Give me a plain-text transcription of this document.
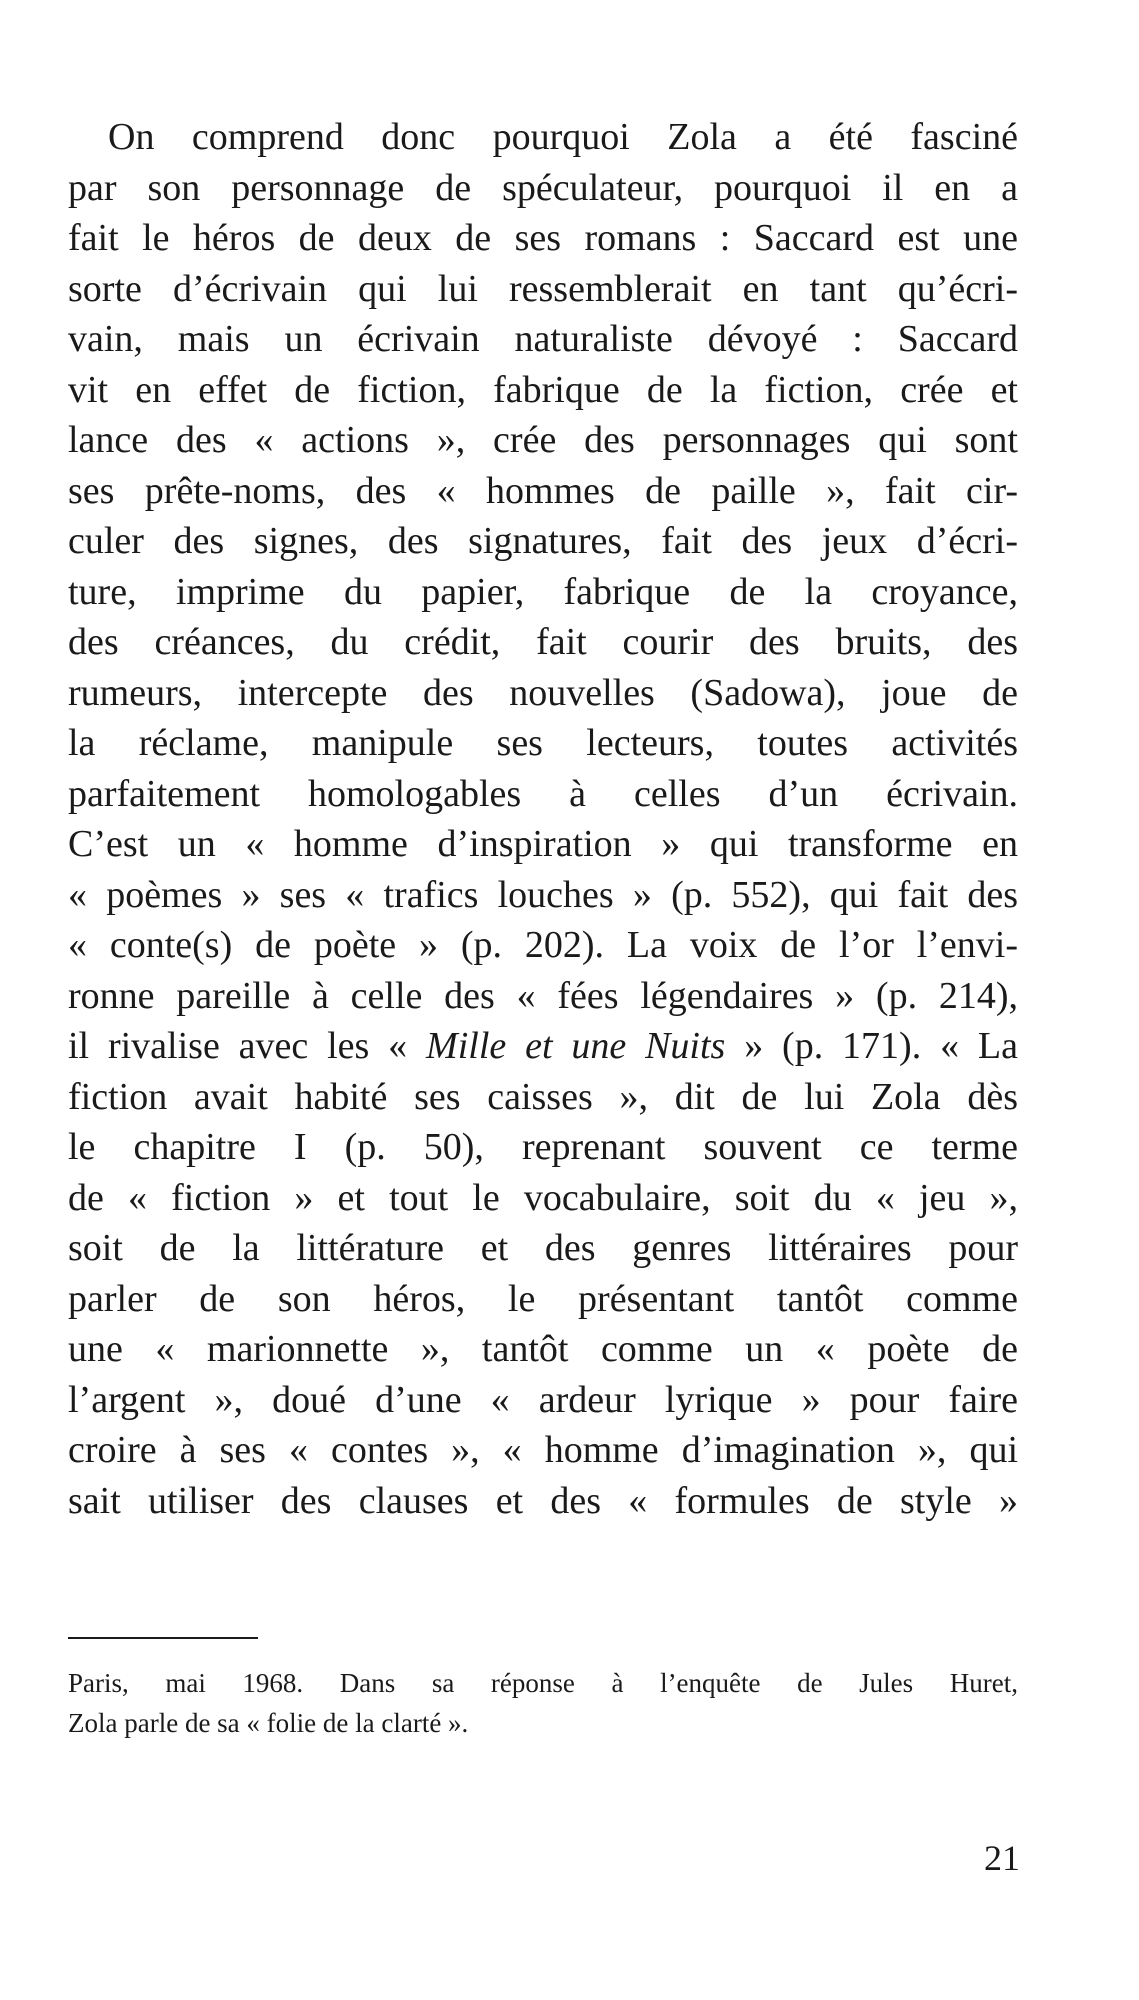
On comprend donc pourquoi Zola a été fasciné
par son personnage de spéculateur, pourquoi il en a
fait le héros de deux de ses romans : Saccard est une
sorte d’écrivain qui lui ressemblerait en tant qu’écri-
vain, mais un écrivain naturaliste dévoyé : Saccard
vit en effet de fiction, fabrique de la fiction, crée et
lance des « actions », crée des personnages qui sont
ses prête-noms, des « hommes de paille », fait cir-
culer des signes, des signatures, fait des jeux d’écri-
ture, imprime du papier, fabrique de la croyance,
des créances, du crédit, fait courir des bruits, des
rumeurs, intercepte des nouvelles (Sadowa), joue de
la réclame, manipule ses lecteurs, toutes activités
parfaitement homologables à celles d’un écrivain.
C’est un « homme d’inspiration » qui transforme en
« poèmes » ses « trafics louches » (p. 552), qui fait des
« conte(s) de poète » (p. 202). La voix de l’or l’envi-
ronne pareille à celle des « fées légendaires » (p. 214),
il rivalise avec les « Mille et une Nuits » (p. 171). « La
fiction avait habité ses caisses », dit de lui Zola dès
le chapitre I (p. 50), reprenant souvent ce terme
de « fiction » et tout le vocabulaire, soit du « jeu »,
soit de la littérature et des genres littéraires pour
parler de son héros, le présentant tantôt comme
une « marionnette », tantôt comme un « poète de
l’argent », doué d’une « ardeur lyrique » pour faire
croire à ses « contes », « homme d’imagination », qui
sait utiliser des clauses et des « formules de style »
Paris, mai 1968. Dans sa réponse à l’enquête de Jules Huret,
Zola parle de sa « folie de la clarté ».
21
